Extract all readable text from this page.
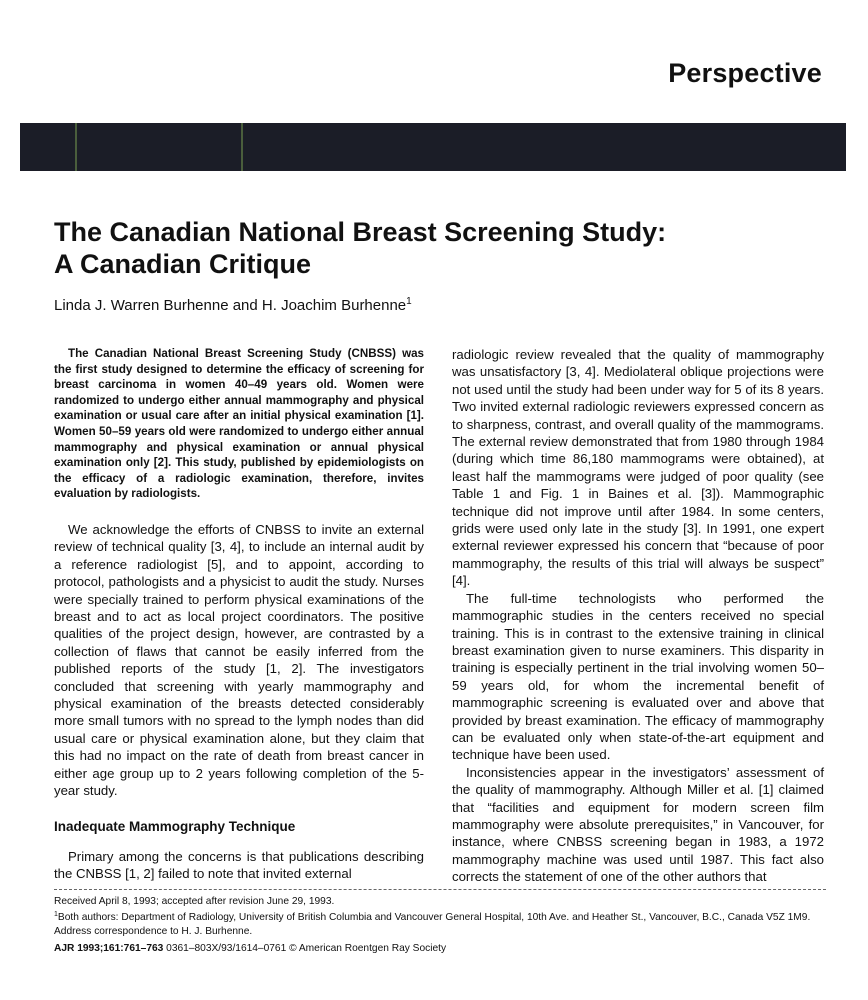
Perspective
The Canadian National Breast Screening Study:
A Canadian Critique
Linda J. Warren Burhenne and H. Joachim Burhenne$^1$

The Canadian National Breast Screening Study (CNBSS) was the first study designed to determine the efficacy of screening for breast carcinoma in women 40–49 years old. Women were randomized to undergo either annual mammography and physical examination or usual care after an initial physical examination [1]. Women 50–59 years old were randomized to undergo either annual mammography and physical examination or annual physical examination only [2]. This study, published by epidemiologists on the efficacy of a radiologic examination, therefore, invites evaluation by radiologists.

We acknowledge the efforts of CNBSS to invite an external review of technical quality [3, 4], to include an internal audit by a reference radiologist [5], and to appoint, according to protocol, pathologists and a physicist to audit the study. Nurses were specially trained to perform physical examinations of the breast and to act as local project coordinators. The positive qualities of the project design, however, are contrasted by a collection of flaws that cannot be easily inferred from the published reports of the study [1, 2]. The investigators concluded that screening with yearly mammography and physical examination of the breasts detected considerably more small tumors with no spread to the lymph nodes than did usual care or physical examination alone, but they claim that this had no impact on the rate of death from breast cancer in either age group up to 2 years following completion of the 5-year study.

Inadequate Mammography Technique

Primary among the concerns is that publications describing the CNBSS [1, 2] failed to note that invited external

radiologic review revealed that the quality of mammography was unsatisfactory [3, 4]. Mediolateral oblique projections were not used until the study had been under way for 5 of its 8 years. Two invited external radiologic reviewers expressed concern as to sharpness, contrast, and overall quality of the mammograms. The external review demonstrated that from 1980 through 1984 (during which time 86,180 mammograms were obtained), at least half the mammograms were judged of poor quality (see Table 1 and Fig. 1 in Baines et al. [3]). Mammographic technique did not improve until after 1984. In some centers, grids were used only late in the study [3]. In 1991, one expert external reviewer expressed his concern that “because of poor mammography, the results of this trial will always be suspect” [4].

The full-time technologists who performed the mammographic studies in the centers received no special training. This is in contrast to the extensive training in clinical breast examination given to nurse examiners. This disparity in training is especially pertinent in the trial involving women 50–59 years old, for whom the incremental benefit of mammographic screening is evaluated over and above that provided by breast examination. The efficacy of mammography can be evaluated only when state-of-the-art equipment and technique have been used.

Inconsistencies appear in the investigators’ assessment of the quality of mammography. Although Miller et al. [1] claimed that “facilities and equipment for modern screen film mammography were absolute prerequisites,” in Vancouver, for instance, where CNBSS screening began in 1983, a 1972 mammography machine was used until 1987. This fact also corrects the statement of one of the other authors that

Received April 8, 1993; accepted after revision June 29, 1993.

$^1$Both authors: Department of Radiology, University of British Columbia and Vancouver General Hospital, 10th Ave. and Heather St., Vancouver, B.C., Canada V5Z 1M9. Address correspondence to H. J. Burhenne.

AJR 1993;161:761–763 0361–803X/93/1614–0761 © American Roentgen Ray Society
